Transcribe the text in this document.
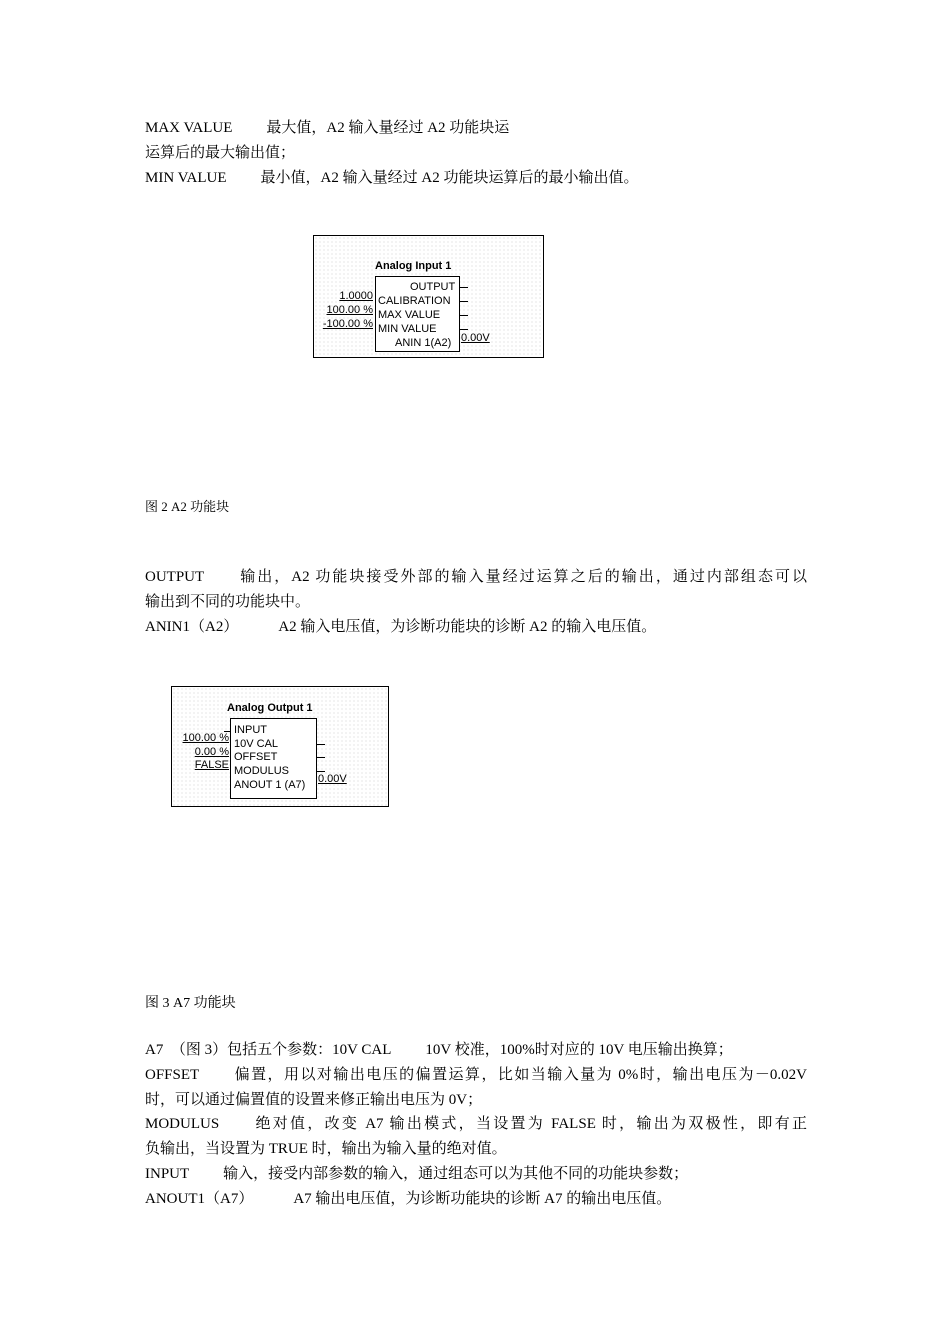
MAX VALUE 最大值，A2 输入量经过 A2 功能块运
运算后的最大输出值；
MIN VALUE 最小值，A2 输入量经过 A2 功能块运算后的最小输出值。
Analog Input 1
1.0000
100.00 %
-100.00 %
OUTPUT
CALIBRATION
MAX VALUE
MIN VALUE
ANIN 1(A2) 0.00V
图 2 A2 功能块
OUTPUT 输出，A2 功能块接受外部的输入量经过运算之后的输出，通过内部组态可以
输出到不同的功能块中。
ANIN1（A2）	A2 输入电压值，为诊断功能块的诊断 A2 的输入电压值。
Analog Output 1
100.00 %
0.00 %
FALSE
INPUT
10V CAL
OFFSET
MODULUS
ANOUT 1 (A7) 0.00V
图 3 A7 功能块
A7　（图 3）包括五个参数：10V CAL 10V 校准，100%时对应的 10V 电压输出换算；
OFFSET 偏置，用以对输出电压的偏置运算，比如当输入量为 0%时，输出电压为－0.02V
时，可以通过偏置值的设置来修正输出电压为 0V；
MODULUS 绝对值，改变 A7 输出模式，当设置为 FALSE 时，输出为双极性，即有正
负输出，当设置为 TRUE 时，输出为输入量的绝对值。
INPUT 输入，接受内部参数的输入，通过组态可以为其他不同的功能块参数；
ANOUT1（A7）	A7 输出电压值，为诊断功能块的诊断 A7 的输出电压值。
